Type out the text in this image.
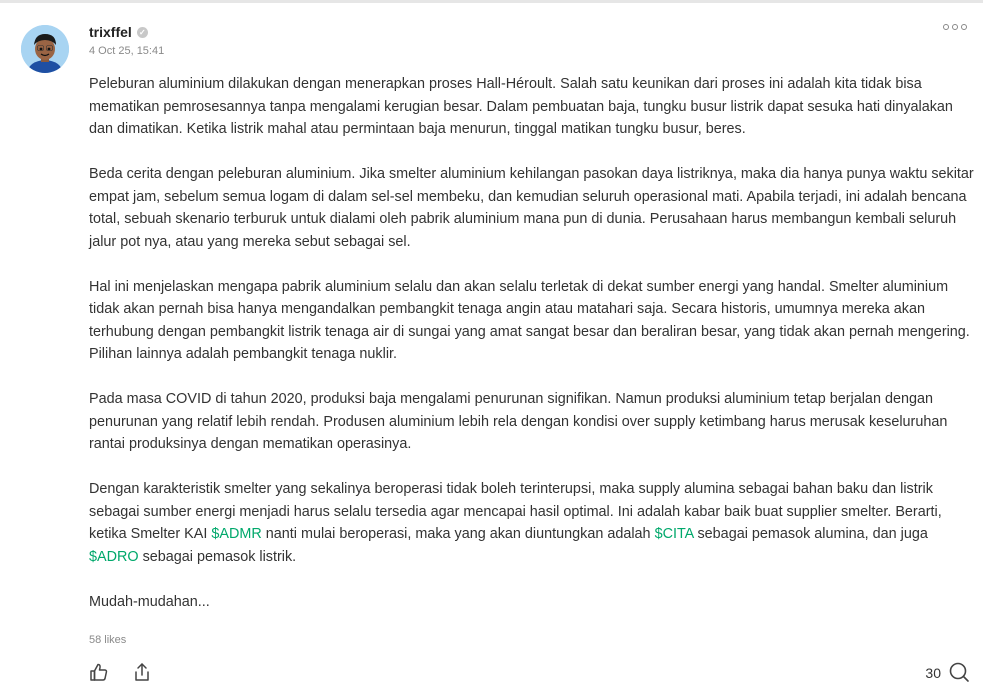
trixffel ✓
4 Oct 25, 15:41

Peleburan aluminium dilakukan dengan menerapkan proses Hall-Héroult. Salah satu keunikan dari proses ini adalah kita tidak bisa mematikan pemrosesannya tanpa mengalami kerugian besar. Dalam pembuatan baja, tungku busur listrik dapat sesuka hati dinyalakan dan dimatikan. Ketika listrik mahal atau permintaan baja menurun, tinggal matikan tungku busur, beres.

Beda cerita dengan peleburan aluminium. Jika smelter aluminium kehilangan pasokan daya listriknya, maka dia hanya punya waktu sekitar empat jam, sebelum semua logam di dalam sel-sel membeku, dan kemudian seluruh operasional mati. Apabila terjadi, ini adalah bencana total, sebuah skenario terburuk untuk dialami oleh pabrik aluminium mana pun di dunia. Perusahaan harus membangun kembali seluruh jalur pot nya, atau yang mereka sebut sebagai sel.

Hal ini menjelaskan mengapa pabrik aluminium selalu dan akan selalu terletak di dekat sumber energi yang handal. Smelter aluminium tidak akan pernah bisa hanya mengandalkan pembangkit tenaga angin atau matahari saja. Secara historis, umumnya mereka akan terhubung dengan pembangkit listrik tenaga air di sungai yang amat sangat besar dan beraliran besar, yang tidak akan pernah mengering. Pilihan lainnya adalah pembangkit tenaga nuklir.

Pada masa COVID di tahun 2020, produksi baja mengalami penurunan signifikan. Namun produksi aluminium tetap berjalan dengan penurunan yang relatif lebih rendah. Produsen aluminium lebih rela dengan kondisi over supply ketimbang harus merusak keseluruhan rantai produksinya dengan mematikan operasinya.

Dengan karakteristik smelter yang sekalinya beroperasi tidak boleh terinterupsi, maka supply alumina sebagai bahan baku dan listrik sebagai sumber energi menjadi harus selalu tersedia agar mencapai hasil optimal. Ini adalah kabar baik buat supplier smelter. Berarti, ketika Smelter KAI $ADMR nanti mulai beroperasi, maka yang akan diuntungkan adalah $CITA sebagai pemasok alumina, dan juga $ADRO sebagai pemasok listrik.

Mudah-mudahan...

58 likes
30
